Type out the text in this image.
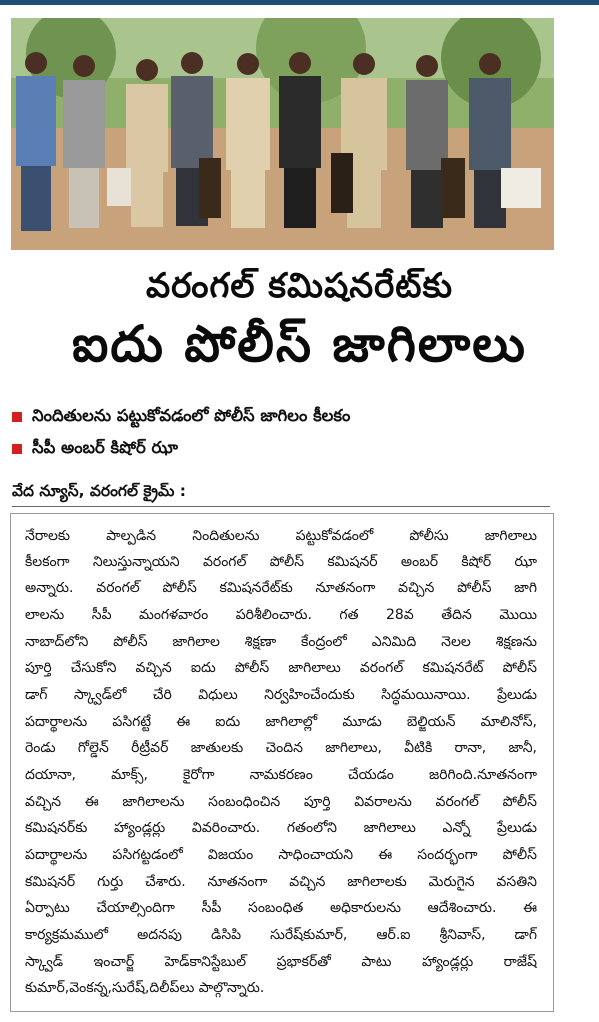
వరంగల్ కమిషనరేట్‌కు
ఐదు పోలీస్ జాగిలాలు
నిందితులను పట్టుకోవడంలో పోలీస్ జాగిలం కీలకం
సీపీ అంబర్ కిషోర్ ఝా
వేద న్యూస్, వరంగల్ క్రైమ్ :
నేరాలకు పాల్పడిన నిందితులను పట్టుకోవడంలో పోలీసు జాగిలాలు
కీలకంగా నిలుస్తున్నాయని వరంగల్ పోలీస్ కమిషనర్ అంబర్ కిషోర్ ఝా
అన్నారు. వరంగల్ పోలీస్ కమిషనరేట్‌కు నూతనంగా వచ్చిన పోలీస్ జాగి
లాలను సీపీ మంగళవారం పరిశీలించారు. గత 28వ తేదిన మొయి
నాబాద్‌లోని పోలీస్ జాగిలాల శిక్షణా కేంద్రంలో ఎనిమిది నెలల శిక్షణను
పూర్తి చేసుకోని వచ్చిన ఐదు పోలీస్ జాగిలాలు వరంగల్ కమిషనరేట్ పోలీస్
డాగ్ స్క్వాడ్‌లో చేరి విధులు నిర్వహించేందుకు సిద్ధమయినాయి. ప్రేలుడు
పదార్థాలను పసిగట్టే ఈ ఐదు జాగిలాల్లో మూడు బెల్జియన్ మాలినోస్,
రెండు గోల్డెన్ రీట్రీవర్ జాతులకు చెందిన జాగిలాలు, వీటికి రానా, జానీ,
దయానా, మాక్స్, కైరోగా నామకరణం చేయడం జరిగింది.నూతనంగా
వచ్చిన ఈ జాగిలాలను సంబంధించిన పూర్తి వివరాలను వరంగల్ పోలీస్
కమిషనర్‌కు హ్యాండ్లర్లు వివరించారు. గతంలోని జాగిలాలు ఎన్నో ప్రేలుడు
పదార్థాలను పసిగట్టడంలో విజయం సాధించాయని ఈ సందర్భంగా పోలీస్
కమిషనర్ గుర్తు చేశారు. నూతనంగా వచ్చిన జాగిలాలకు మెరుగైన వసతిని
ఏర్పాటు చేయాల్సిందిగా సీపీ సంబంధిత అధికారులను ఆదేశించారు. ఈ
కార్యక్రమములో అదనపు డిసిపి సురేష్‌కుమార్, ఆర్.ఐ శ్రీనివాస్, డాగ్
స్క్వాడ్ ఇంచార్జ్ హెడ్‌కానిస్టేబుల్ ప్రభాకర్‌తో పాటు హ్యాండ్లర్లు రాజేష్
కుమార్,వెంకన్న,సురేష్,దిలీప్‌లు పాల్గొన్నారు.
